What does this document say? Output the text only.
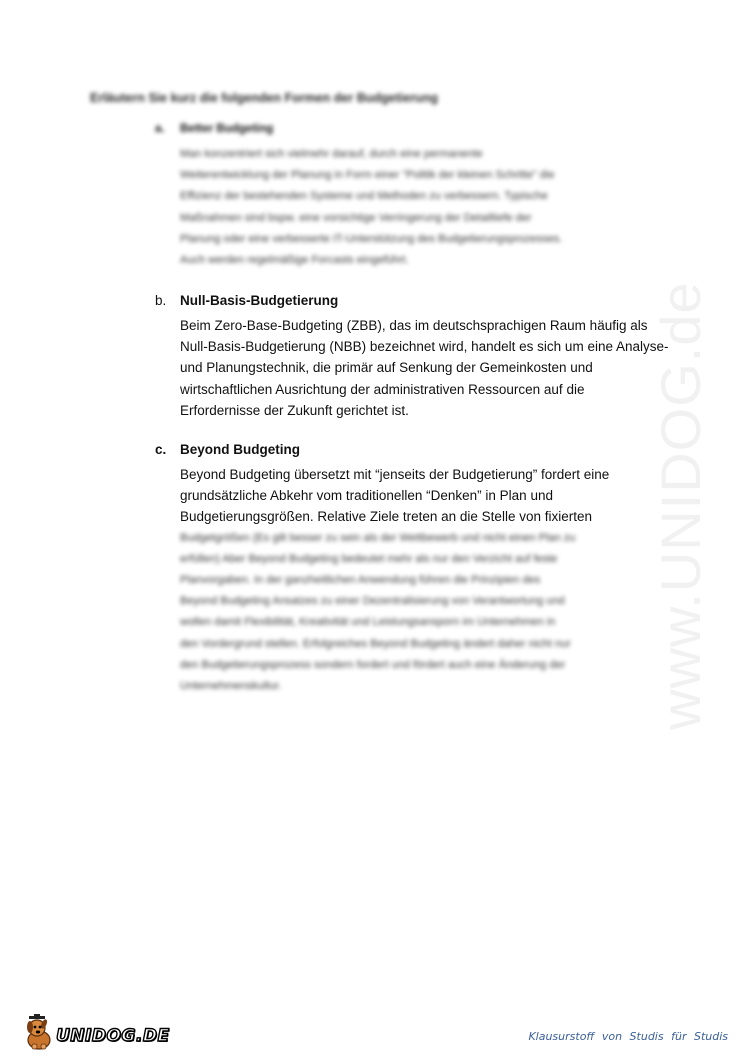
www.UNIDOG.de
Erläutern Sie kurz die folgenden Formen der Budgetierung
a. Better Budgeting
Man konzentriert sich vielmehr darauf, durch eine permanente
Weiterentwicklung der Planung in Form einer "Politik der kleinen Schritte" die
Effizienz der bestehenden Systeme und Methoden zu verbessern. Typische
Maßnahmen sind bspw. eine vorsichtige Verringerung der Detailtiefe der
Planung oder eine verbesserte IT-Unterstützung des Budgetierungsprozesses.
Auch werden regelmäßige Forcasts eingeführt.
b. Null-Basis-Budgetierung
Beim Zero-Base-Budgeting (ZBB), das im deutschsprachigen Raum häufig als
Null-Basis-Budgetierung (NBB) bezeichnet wird, handelt es sich um eine Analyse-
und Planungstechnik, die primär auf Senkung der Gemeinkosten und
wirtschaftlichen Ausrichtung der administrativen Ressourcen auf die
Erfordernisse der Zukunft gerichtet ist.
c. Beyond Budgeting
Beyond Budgeting übersetzt mit “jenseits der Budgetierung” fordert eine
grundsätzliche Abkehr vom traditionellen “Denken” in Plan und
Budgetierungsgrößen. Relative Ziele treten an die Stelle von fixierten
Budgetgrößen (Es gilt besser zu sein als der Wettbewerb und nicht einen Plan zu
erfüllen) Aber Beyond Budgeting bedeutet mehr als nur den Verzicht auf feste
Planvorgaben. In der ganzheitlichen Anwendung führen die Prinzipien des
Beyond Budgeting Ansatzes zu einer Dezentralisierung von Verantwortung und
wollen damit Flexibilität, Kreativität und Leistungsansporn im Unternehmen in
den Vordergrund stellen. Erfolgreiches Beyond Budgeting ändert daher nicht nur
den Budgetierungsprozess sondern fordert und fördert auch eine Änderung der
Unternehmenskultur.
UNIDOG.DE	Klausurstoff von Studis für Studis
